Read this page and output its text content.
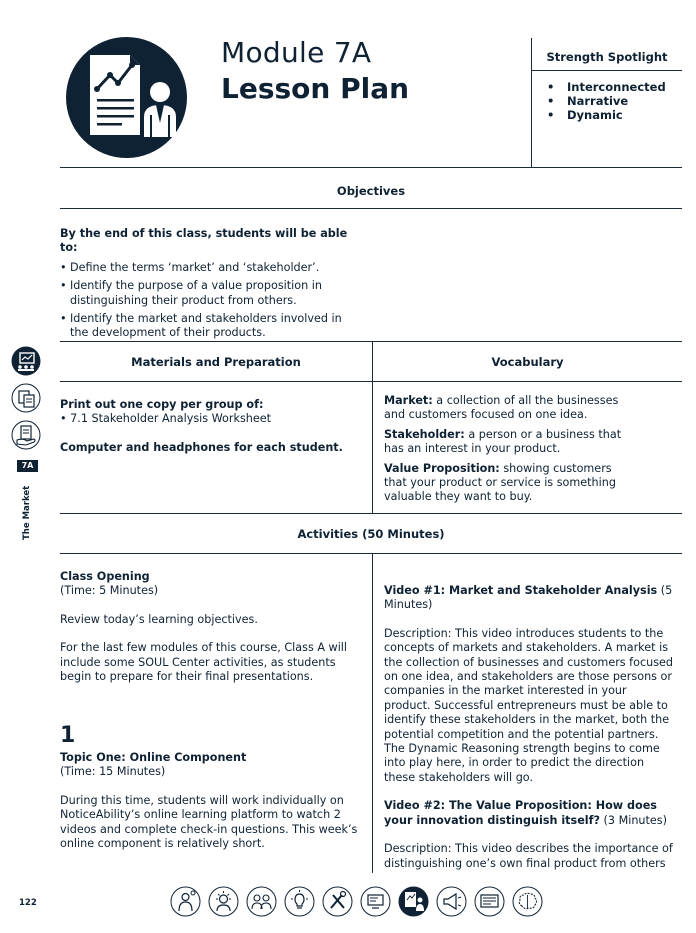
Module 7A
Lesson Plan
Strength Spotlight
• Interconnected
• Narrative
• Dynamic
Objectives
By the end of this class, students will be able to:
• Define the terms ‘market’ and ‘stakeholder’.
• Identify the purpose of a value proposition in distinguishing their product from others.
• Identify the market and stakeholders involved in the development of their products.
Materials and Preparation	Vocabulary
Print out one copy per group of:
• 7.1 Stakeholder Analysis Worksheet
Computer and headphones for each student.
Market: a collection of all the businesses and customers focused on one idea.
Stakeholder: a person or a business that has an interest in your product.
Value Proposition: showing customers that your product or service is something valuable they want to buy.
Activities (50 Minutes)
Class Opening
(Time: 5 Minutes)
Review today’s learning objectives.
For the last few modules of this course, Class A will include some SOUL Center activities, as students begin to prepare for their final presentations.
1
Topic One: Online Component
(Time: 15 Minutes)
During this time, students will work individually on NoticeAbility’s online learning platform to watch 2 videos and complete check-in questions. This week’s online component is relatively short.
Video #1: Market and Stakeholder Analysis (5 Minutes)
Description: This video introduces students to the concepts of markets and stakeholders. A market is the collection of businesses and customers focused on one idea, and stakeholders are those persons or companies in the market interested in your product. Successful entrepreneurs must be able to identify these stakeholders in the market, both the potential competition and the potential partners. The Dynamic Reasoning strength begins to come into play here, in order to predict the direction these stakeholders will go.
Video #2: The Value Proposition: How does your innovation distinguish itself? (3 Minutes)
Description: This video describes the importance of distinguishing one’s own final product from others
7A
The Market
122
